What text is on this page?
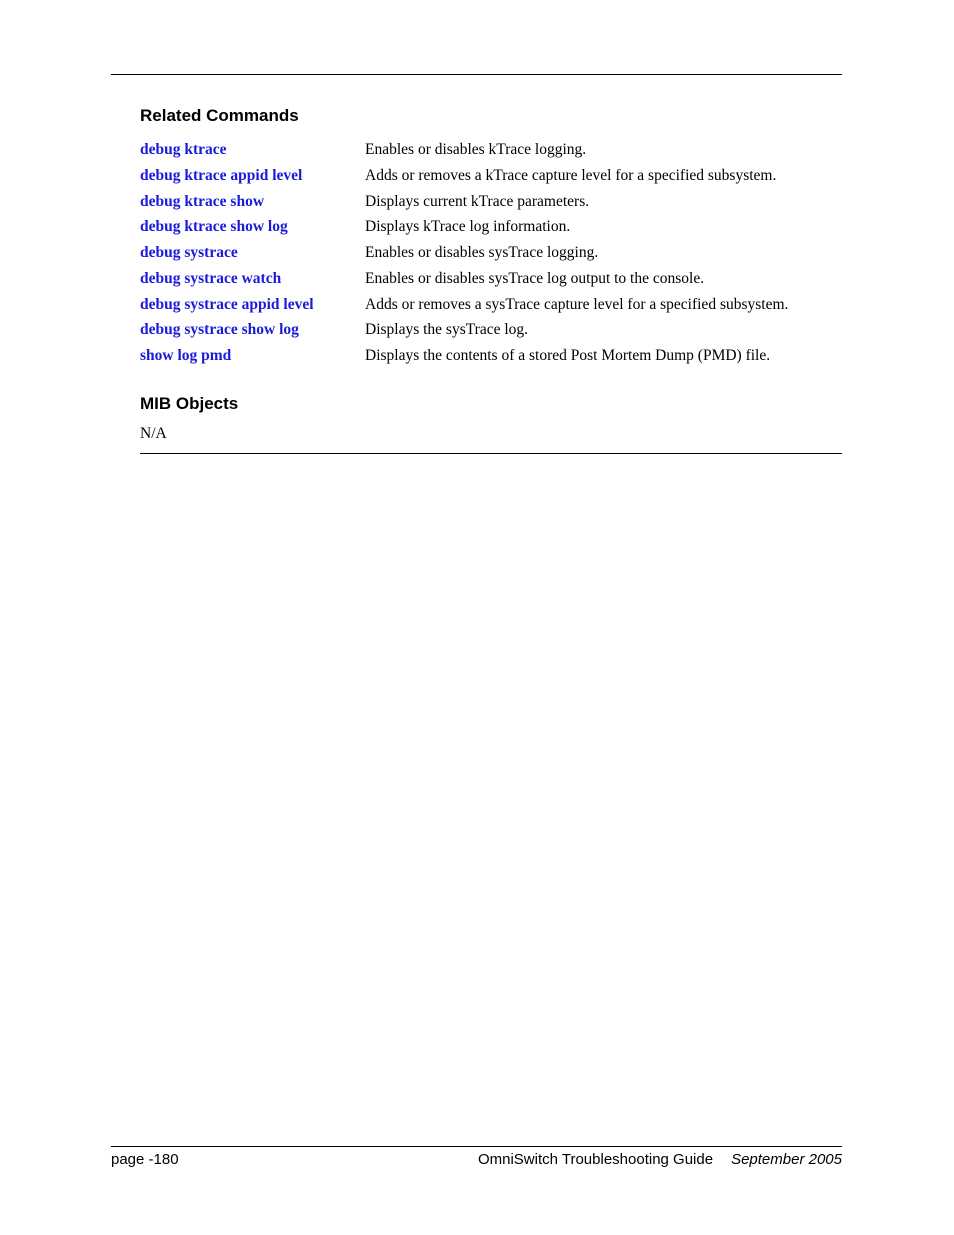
Related Commands
debug ktrace	Enables or disables kTrace logging.
debug ktrace appid level	Adds or removes a kTrace capture level for a specified subsystem.
debug ktrace show	Displays current kTrace parameters.
debug ktrace show log	Displays kTrace log information.
debug systrace	Enables or disables sysTrace logging.
debug systrace watch	Enables or disables sysTrace log output to the console.
debug systrace appid level	Adds or removes a sysTrace capture level for a specified subsystem.
debug systrace show log	Displays the sysTrace log.
show log pmd	Displays the contents of a stored Post Mortem Dump (PMD) file.
MIB Objects
N/A
page -180	OmniSwitch Troubleshooting Guide September 2005
